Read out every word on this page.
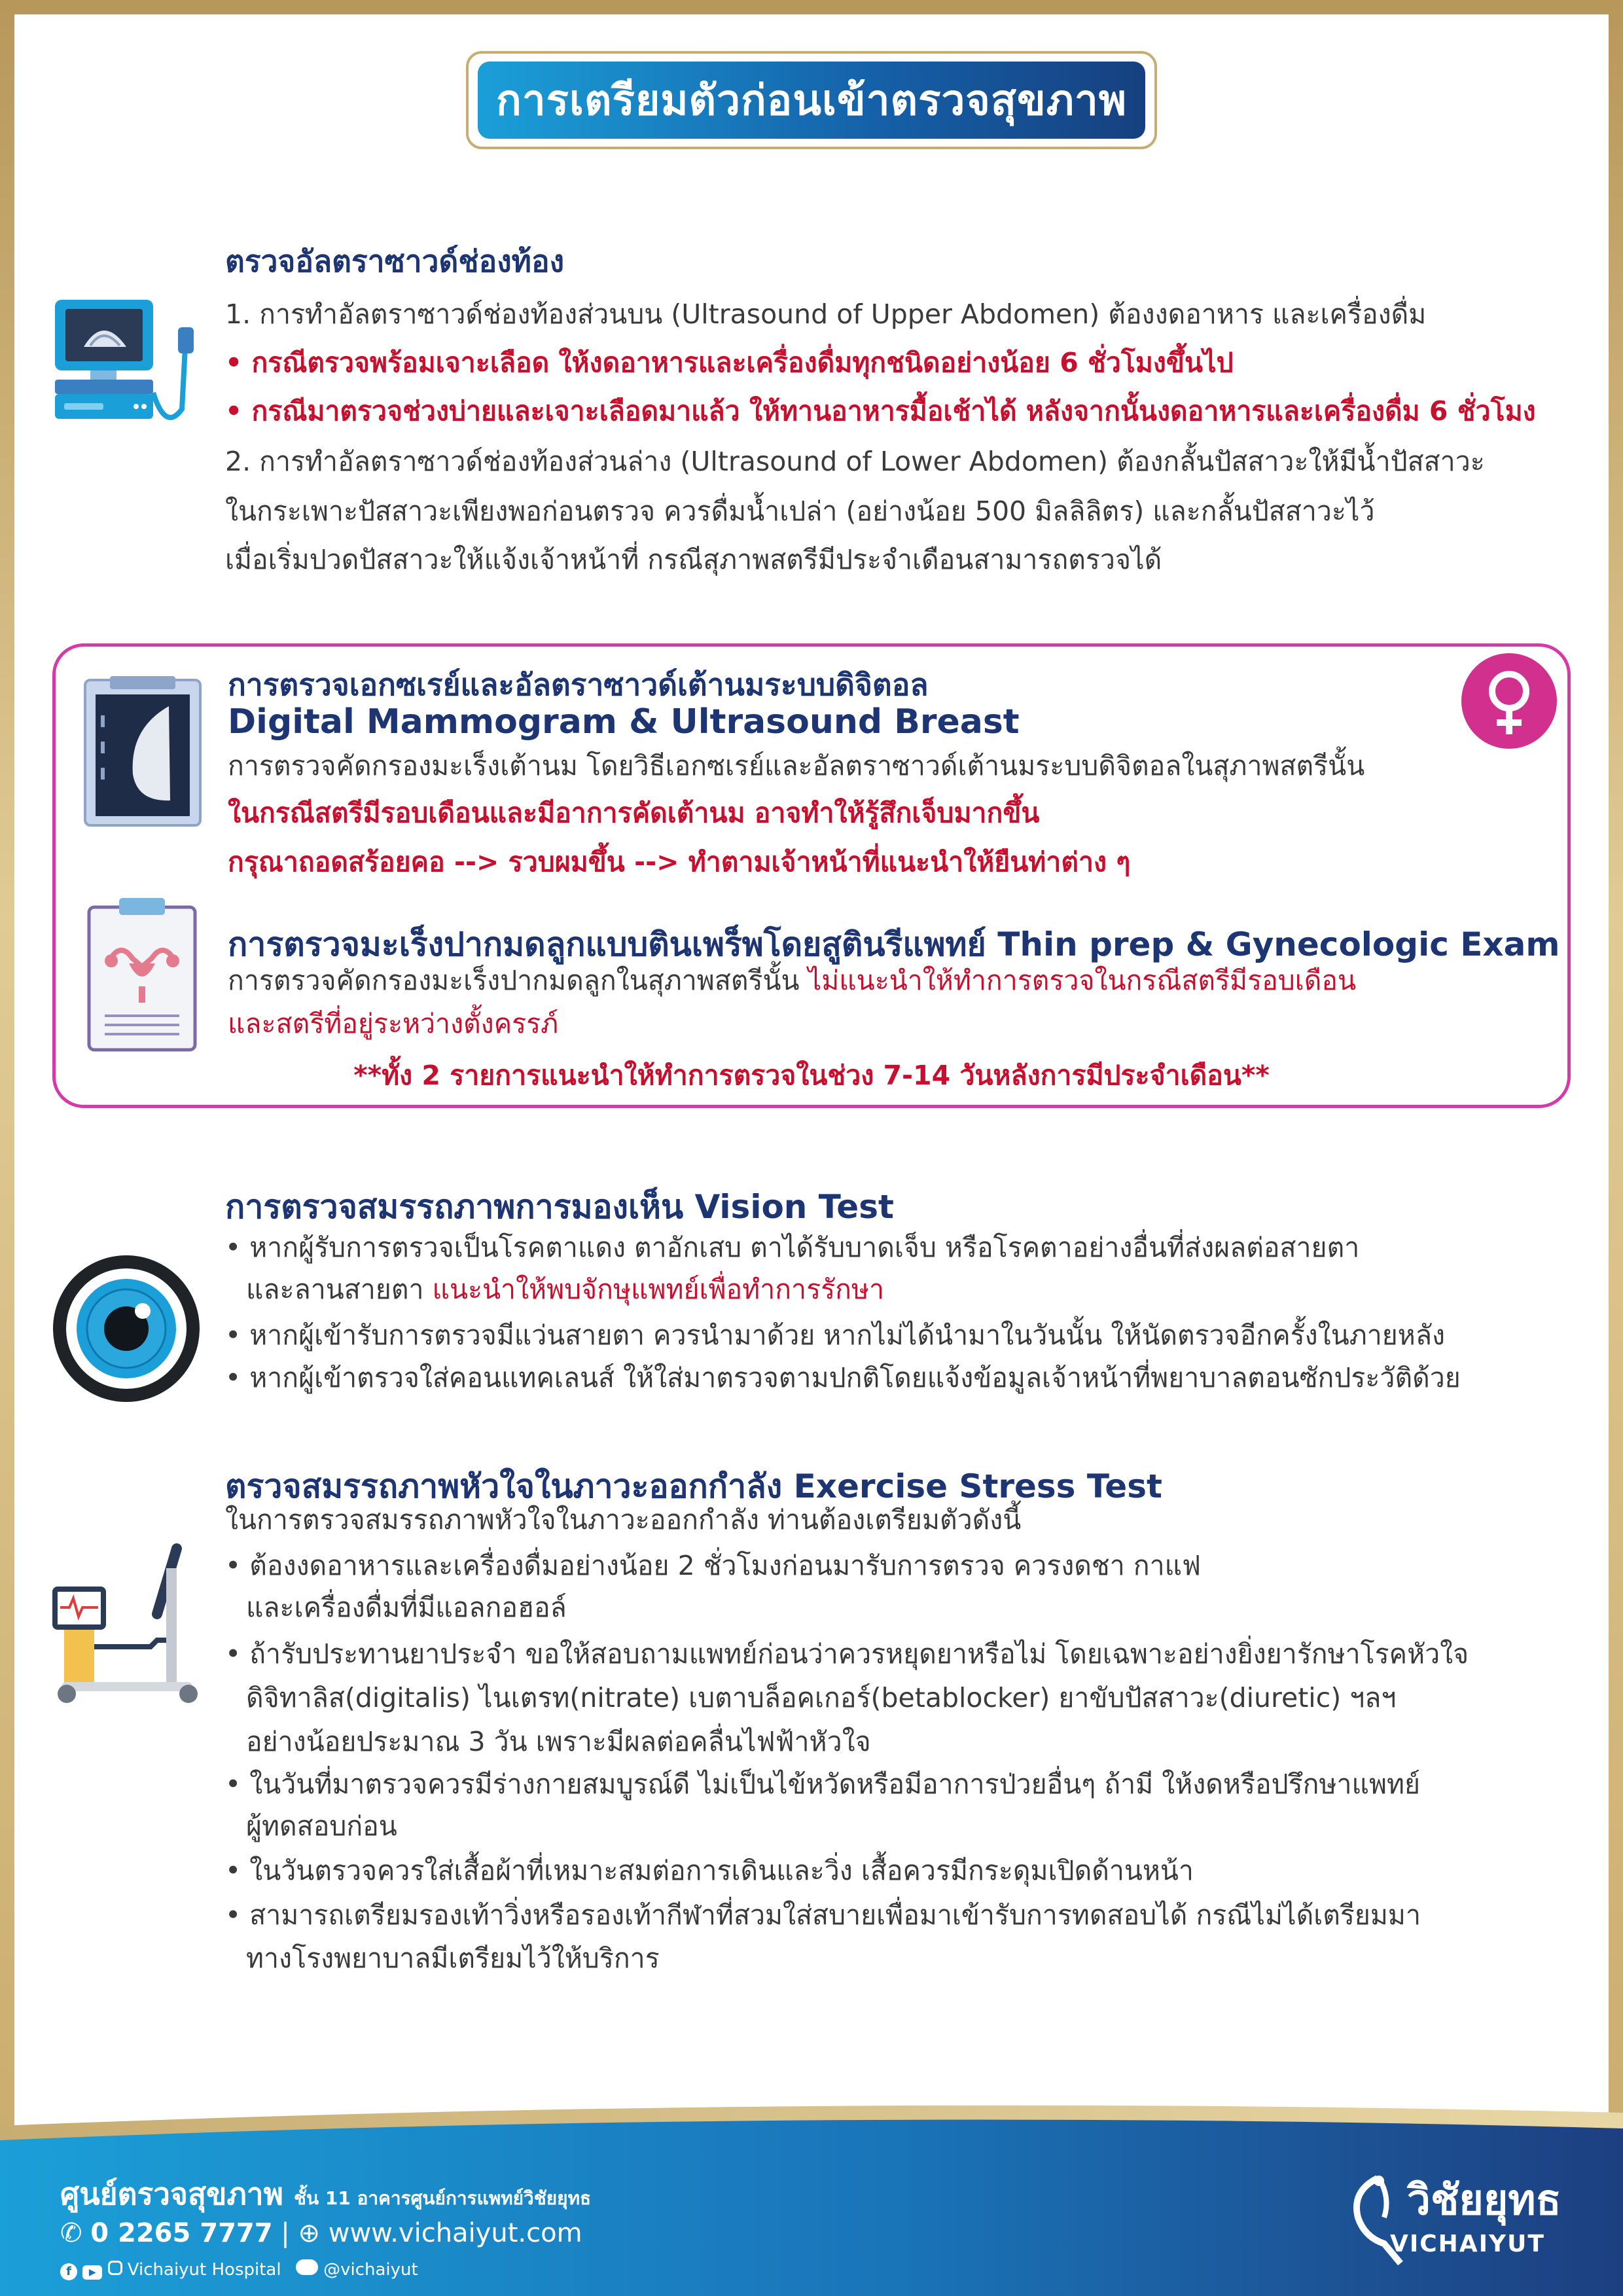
การเตรียมตัวก่อนเข้าตรวจสุขภาพ
ตรวจอัลตราซาวด์ช่องท้อง
1. การทำอัลตราซาวด์ช่องท้องส่วนบน (Ultrasound of Upper Abdomen) ต้องงดอาหาร และเครื่องดื่ม
• กรณีตรวจพร้อมเจาะเลือด ให้งดอาหารและเครื่องดื่มทุกชนิดอย่างน้อย 6 ชั่วโมงขึ้นไป
• กรณีมาตรวจช่วงบ่ายและเจาะเลือดมาแล้ว ให้ทานอาหารมื้อเช้าได้ หลังจากนั้นงดอาหารและเครื่องดื่ม 6 ชั่วโมง
2. การทำอัลตราซาวด์ช่องท้องส่วนล่าง (Ultrasound of Lower Abdomen) ต้องกลั้นปัสสาวะให้มีน้ำปัสสาวะ
ในกระเพาะปัสสาวะเพียงพอก่อนตรวจ ควรดื่มน้ำเปล่า (อย่างน้อย 500 มิลลิลิตร) และกลั้นปัสสาวะไว้
เมื่อเริ่มปวดปัสสาวะให้แจ้งเจ้าหน้าที่ กรณีสุภาพสตรีมีประจำเดือนสามารถตรวจได้
การตรวจเอกซเรย์และอัลตราซาวด์เต้านมระบบดิจิตอล
Digital Mammogram & Ultrasound Breast
การตรวจคัดกรองมะเร็งเต้านม โดยวิธีเอกซเรย์และอัลตราซาวด์เต้านมระบบดิจิตอลในสุภาพสตรีนั้น
ในกรณีสตรีมีรอบเดือนและมีอาการคัดเต้านม อาจทำให้รู้สึกเจ็บมากขึ้น
กรุณาถอดสร้อยคอ --> รวบผมขึ้น --> ทำตามเจ้าหน้าที่แนะนำให้ยืนท่าต่าง ๆ
การตรวจมะเร็งปากมดลูกแบบตินเพร็พโดยสูตินรีแพทย์ Thin prep & Gynecologic Exam
การตรวจคัดกรองมะเร็งปากมดลูกในสุภาพสตรีนั้น ไม่แนะนำให้ทำการตรวจในกรณีสตรีมีรอบเดือน
และสตรีที่อยู่ระหว่างตั้งครรภ์
**ทั้ง 2 รายการแนะนำให้ทำการตรวจในช่วง 7-14 วันหลังการมีประจำเดือน**
การตรวจสมรรถภาพการมองเห็น Vision Test
• หากผู้รับการตรวจเป็นโรคตาแดง ตาอักเสบ ตาได้รับบาดเจ็บ หรือโรคตาอย่างอื่นที่ส่งผลต่อสายตา
และลานสายตา แนะนำให้พบจักษุแพทย์เพื่อทำการรักษา
• หากผู้เข้ารับการตรวจมีแว่นสายตา ควรนำมาด้วย หากไม่ได้นำมาในวันนั้น ให้นัดตรวจอีกครั้งในภายหลัง
• หากผู้เข้าตรวจใส่คอนแทคเลนส์ ให้ใส่มาตรวจตามปกติโดยแจ้งข้อมูลเจ้าหน้าที่พยาบาลตอนซักประวัติด้วย
ตรวจสมรรถภาพหัวใจในภาวะออกกำลัง Exercise Stress Test
ในการตรวจสมรรถภาพหัวใจในภาวะออกกำลัง ท่านต้องเตรียมตัวดังนี้
• ต้องงดอาหารและเครื่องดื่มอย่างน้อย 2 ชั่วโมงก่อนมารับการตรวจ ควรงดชา กาแฟ
และเครื่องดื่มที่มีแอลกอฮอล์
• ถ้ารับประทานยาประจำ ขอให้สอบถามแพทย์ก่อนว่าควรหยุดยาหรือไม่ โดยเฉพาะอย่างยิ่งยารักษาโรคหัวใจ
ดิจิทาลิส(digitalis) ไนเตรท(nitrate) เบตาบล็อคเกอร์(betablocker) ยาขับปัสสาวะ(diuretic) ฯลฯ
อย่างน้อยประมาณ 3 วัน เพราะมีผลต่อคลื่นไฟฟ้าหัวใจ
• ในวันที่มาตรวจควรมีร่างกายสมบูรณ์ดี ไม่เป็นไข้หวัดหรือมีอาการป่วยอื่นๆ ถ้ามี ให้งดหรือปรึกษาแพทย์
ผู้ทดสอบก่อน
• ในวันตรวจควรใส่เสื้อผ้าที่เหมาะสมต่อการเดินและวิ่ง เสื้อควรมีกระดุมเปิดด้านหน้า
• สามารถเตรียมรองเท้าวิ่งหรือรองเท้ากีฬาที่สวมใส่สบายเพื่อมาเข้ารับการทดสอบได้ กรณีไม่ได้เตรียมมา
ทางโรงพยาบาลมีเตรียมไว้ให้บริการ
ศูนย์ตรวจสุขภาพ ชั้น 11 อาคารศูนย์การแพทย์วิชัยยุทธ
✆ 0 2265 7777 | ⊕ www.vichaiyut.com
f ▶ Vichaiyut Hospital @vichaiyut
วิชัยยุทธ
VICHAIYUT
